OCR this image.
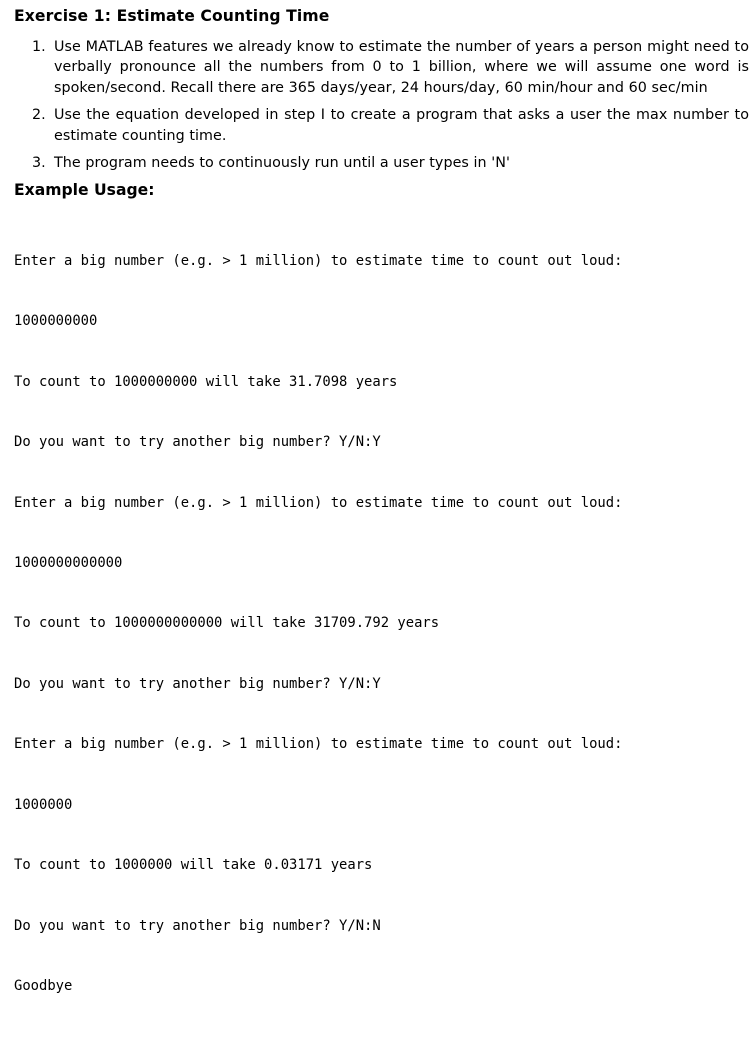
Exercise 1: Estimate Counting Time
1. Use MATLAB features we already know to estimate the number of years a person might need to verbally pronounce all the numbers from 0 to 1 billion, where we will assume one word is spoken/second. Recall there are 365 days/year, 24 hours/day, 60 min/hour and 60 sec/min
2. Use the equation developed in step I to create a program that asks a user the max number to estimate counting time.
3. The program needs to continuously run until a user types in 'N'
Example Usage:

Enter a big number (e.g. > 1 million) to estimate time to count out loud:

1000000000

To count to 1000000000 will take 31.7098 years

Do you want to try another big number? Y/N:Y

Enter a big number (e.g. > 1 million) to estimate time to count out loud:

1000000000000

To count to 1000000000000 will take 31709.792 years

Do you want to try another big number? Y/N:Y

Enter a big number (e.g. > 1 million) to estimate time to count out loud:

1000000

To count to 1000000 will take 0.03171 years

Do you want to try another big number? Y/N:N

Goodbye
